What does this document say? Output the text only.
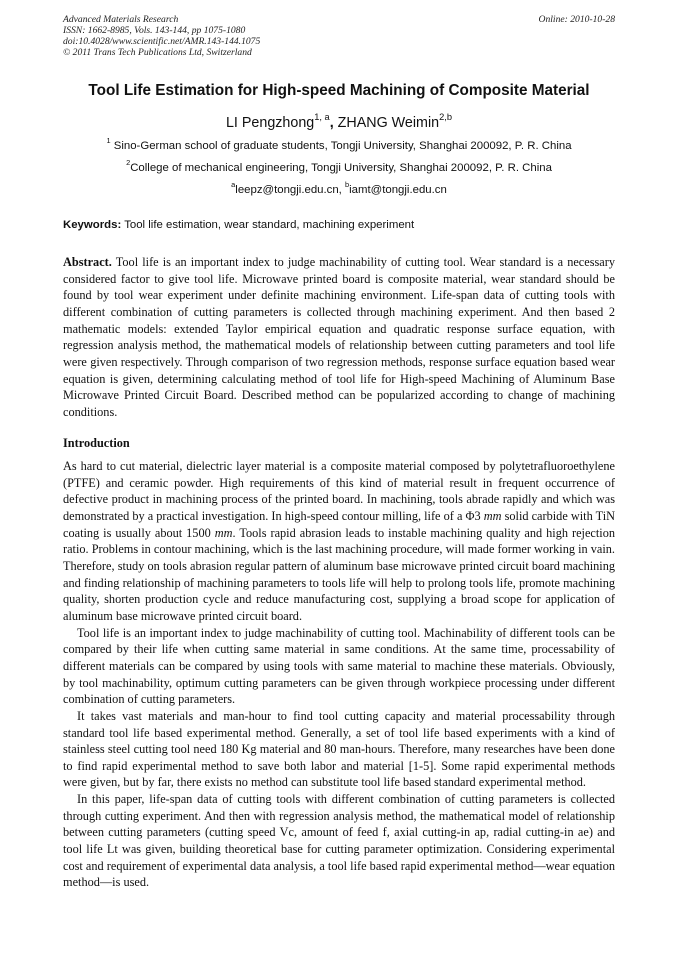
Advanced Materials Research
ISSN: 1662-8985, Vols. 143-144, pp 1075-1080
doi:10.4028/www.scientific.net/AMR.143-144.1075
© 2011 Trans Tech Publications Ltd, Switzerland
Online: 2010-10-28
Tool Life Estimation for High-speed Machining of Composite Material
LI Pengzhong$^{1, a}$, ZHANG Weimin$^{2,b}$
$^1$ Sino-German school of graduate students, Tongji University, Shanghai 200092, P. R. China
$^2$College of mechanical engineering, Tongji University, Shanghai 200092, P. R. China
$^a$leepz@tongji.edu.cn, $^b$iamt@tongji.edu.cn
Keywords: Tool life estimation, wear standard, machining experiment

Abstract. Tool life is an important index to judge machinability of cutting tool. Wear standard is a necessary considered factor to give tool life. Microwave printed board is composite material, wear standard should be found by tool wear experiment under definite machining environment. Life-span data of cutting tools with different combination of cutting parameters is collected through machining experiment. And then based 2 mathematic models: extended Taylor empirical equation and quadratic response surface equation, with regression analysis method, the mathematical models of relationship between cutting parameters and tool life were given respectively. Through comparison of two regression methods, response surface equation based wear equation is given, determining calculating method of tool life for High-speed Machining of Aluminum Base Microwave Printed Circuit Board. Described method can be popularized according to change of machining conditions.

Introduction

As hard to cut material, dielectric layer material is a composite material composed by polytetrafluoroethylene (PTFE) and ceramic powder. High requirements of this kind of material result in frequent occurrence of defective product in machining process of the printed board. In machining, tools abrade rapidly and which was demonstrated by a practical investigation. In high-speed contour milling, life of a Φ3 mm solid carbide with TiN coating is usually about 1500 mm. Tools rapid abrasion leads to instable machining quality and high rejection ratio. Problems in contour machining, which is the last machining procedure, will made former working in vain. Therefore, study on tools abrasion regular pattern of aluminum base microwave printed circuit board machining and finding relationship of machining parameters to tools life will help to prolong tools life, promote machining quality, shorten production cycle and reduce manufacturing cost, supplying a broad scope for application of aluminum base microwave printed circuit board.

Tool life is an important index to judge machinability of cutting tool. Machinability of different tools can be compared by their life when cutting same material in same conditions. At the same time, processability of different materials can be compared by using tools with same material to machine these materials. Obviously, by tool machinability, optimum cutting parameters can be given through workpiece processing under different combination of cutting parameters.

It takes vast materials and man-hour to find tool cutting capacity and material processability through standard tool life based experimental method. Generally, a set of tool life based experiments with a kind of stainless steel cutting tool need 180 Kg material and 80 man-hours. Therefore, many researches have been done to find rapid experimental method to save both labor and material [1-5]. Some rapid experimental methods were given, but by far, there exists no method can substitute tool life based standard experimental method.

In this paper, life-span data of cutting tools with different combination of cutting parameters is collected through cutting experiment. And then with regression analysis method, the mathematical model of relationship between cutting parameters (cutting speed Vc, amount of feed f, axial cutting-in ap, radial cutting-in ae) and tool life Lt was given, building theoretical base for cutting parameter optimization. Considering experimental cost and requirement of experimental data analysis, a tool life based rapid experimental method—wear equation method—is used.
